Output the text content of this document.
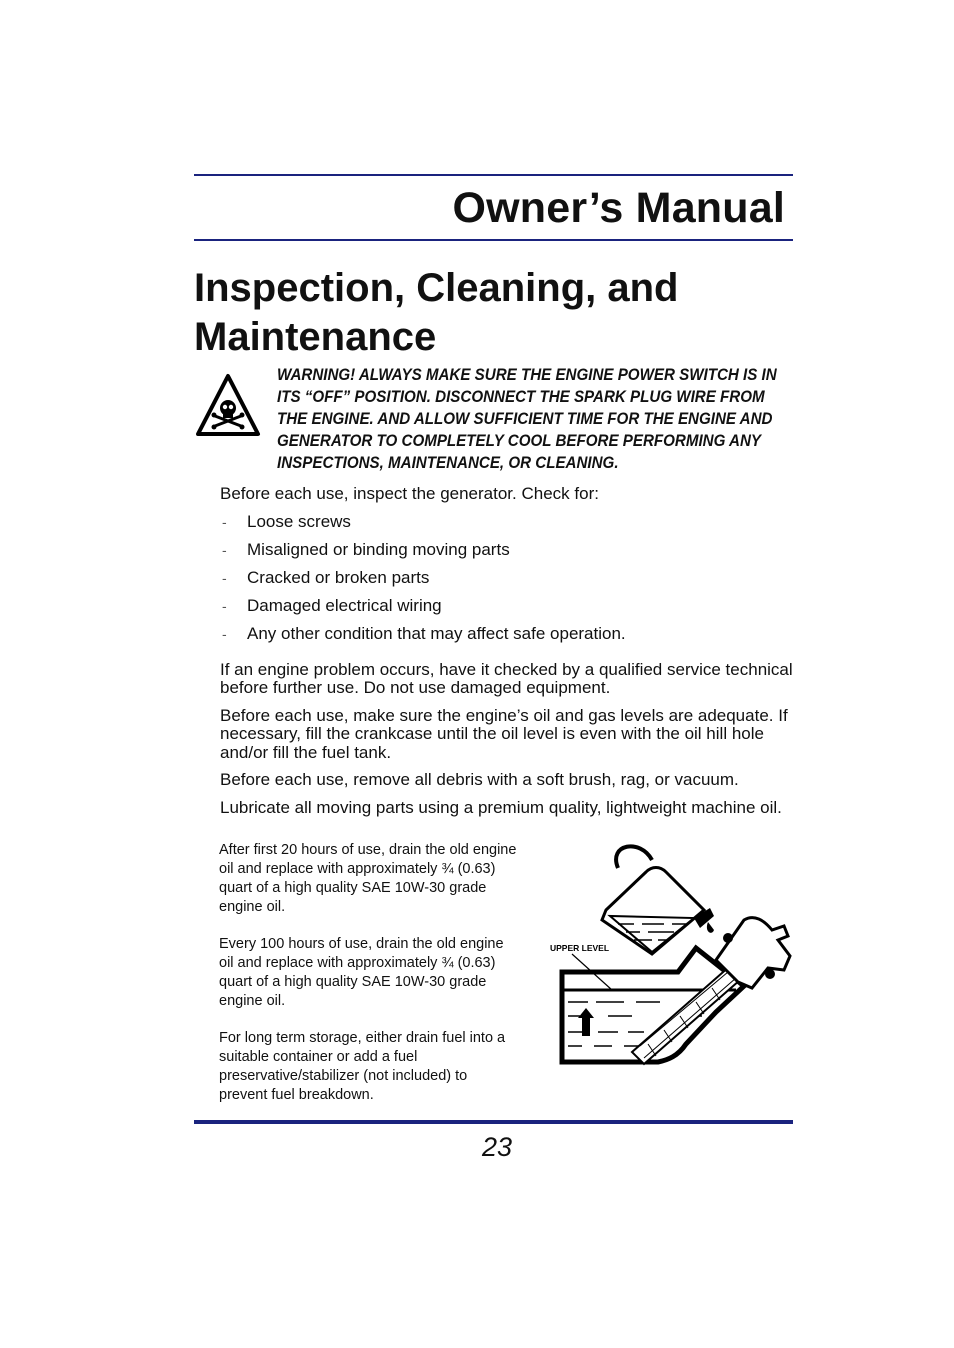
Owner’s Manual
Inspection, Cleaning, and Maintenance

WARNING! ALWAYS MAKE SURE THE ENGINE POWER SWITCH IS IN ITS “OFF” POSITION. DISCONNECT THE SPARK PLUG WIRE FROM THE ENGINE. AND ALLOW SUFFICIENT TIME FOR THE ENGINE AND GENERATOR TO COMPLETELY COOL BEFORE PERFORMING ANY INSPECTIONS, MAINTENANCE, OR CLEANING.

Before each use, inspect the generator. Check for:

- Loose screws
- Misaligned or binding moving parts
- Cracked or broken parts
- Damaged electrical wiring
- Any other condition that may affect safe operation.

If an engine problem occurs, have it checked by a qualified service technical before further use. Do not use damaged equipment.

Before each use, make sure the engine’s oil and gas levels are adequate. If necessary, fill the crankcase until the oil level is even with the oil hill hole and/or fill the fuel tank.

Before each use, remove all debris with a soft brush, rag, or vacuum.

Lubricate all moving parts using a premium quality, lightweight machine oil.

After first 20 hours of use, drain the old engine oil and replace with approximately ¾ (0.63) quart of a high quality SAE 10W-30 grade engine oil.

Every 100 hours of use, drain the old engine oil and replace with approximately ¾ (0.63) quart of a high quality SAE 10W-30 grade engine oil.

For long term storage, either drain fuel into a suitable container or add a fuel preservative/stabilizer (not included) to prevent fuel breakdown.

UPPER LEVEL

23
